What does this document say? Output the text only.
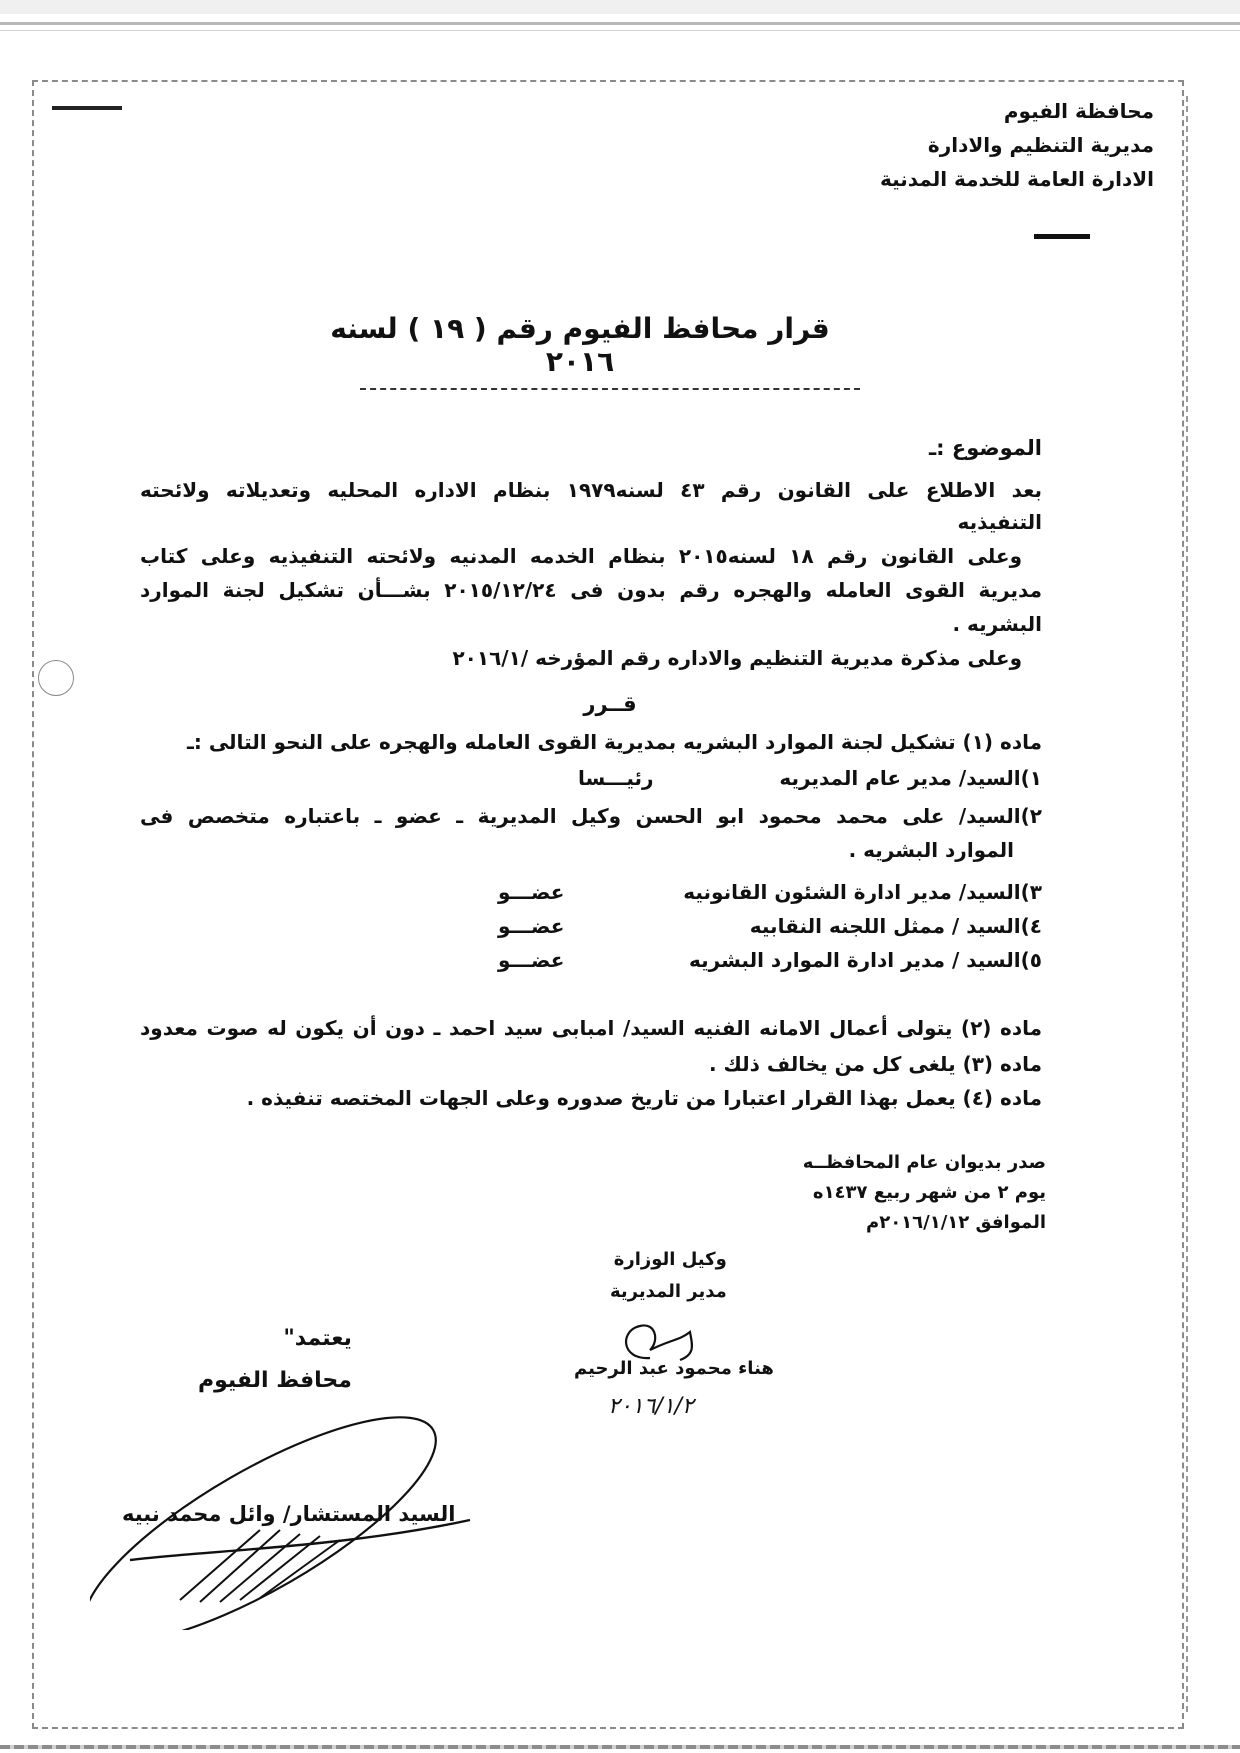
محافظة الفيوم
مديرية التنظيم والادارة
الادارة العامة للخدمة المدنية
قرار محافظ الفيوم رقم ( ١٩ ) لسنه ٢٠١٦
الموضوع :ـ
بعد الاطلاع على القانون رقم ٤٣ لسنه١٩٧٩ بنظام الاداره المحليه وتعديلاته ولائحته
التنفيذيه
وعلى القانون رقم ١٨ لسنه٢٠١٥ بنظام الخدمه المدنيه ولائحته التنفيذيه وعلى كتاب
مديرية القوى العامله والهجره رقم بدون فى ٢٠١٥/١٢/٢٤ بشـــأن تشكيل لجنة الموارد
البشريه .
وعلى مذكرة مديرية التنظيم والاداره رقم المؤرخه /٢٠١٦/١
قــرر
ماده (١) تشكيل لجنة الموارد البشريه بمديرية القوى العامله والهجره على النحو التالى :ـ
١)السيد/ مدير عام المديريه
رئيـــسا
٢)السيد/ على محمد محمود ابو الحسن وكيل المديرية ـ عضو ـ باعتباره متخصص فى
الموارد البشريه .
٣)السيد/ مدير ادارة الشئون القانونيه
عضـــو
٤)السيد / ممثل اللجنه النقابيه
عضـــو
٥)السيد / مدير ادارة الموارد البشريه
عضـــو
ماده (٢) يتولى أعمال الامانه الفنيه السيد/ امبابى سيد احمد ـ دون أن يكون له صوت معدود
ماده (٣) يلغى كل من يخالف ذلك .
ماده (٤) يعمل بهذا القرار اعتبارا من تاريخ صدوره وعلى الجهات المختصه تنفيذه .
صدر بديوان عام المحافظــه
يوم ٢ من شهر ربيع ١٤٣٧ه
الموافق ٢٠١٦/١/١٢م
وكيل الوزارة
مدير المديرية
هناء محمود عبد الرحيم
٢٠١٦/١/٢
يعتمد"
محافظ الفيوم
السيد المستشار/ وائل محمد نبيه
